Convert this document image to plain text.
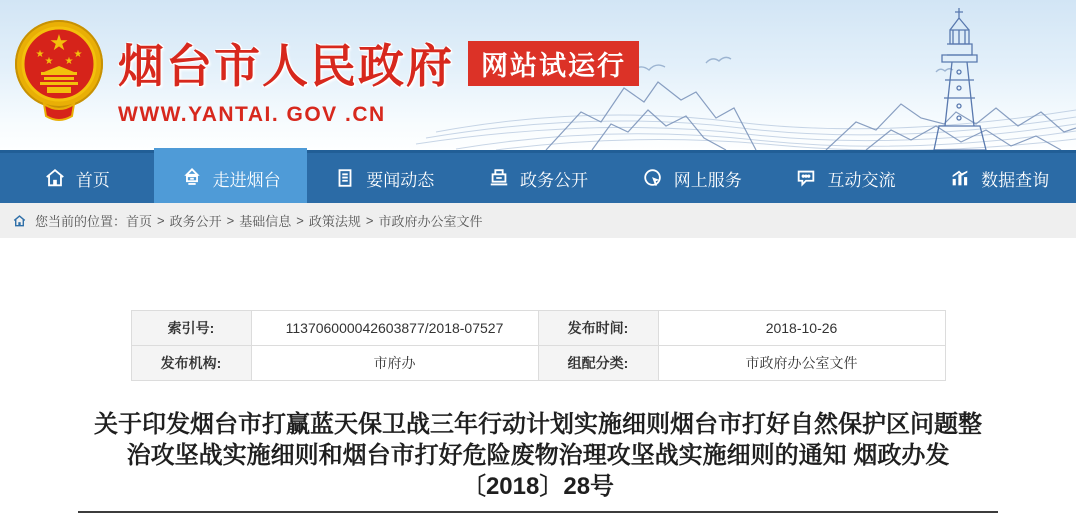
★
★
★ ★
★ 烟台市人民政府	网站试运行
WWW.YANTAI. GOV .CN
首页	走进烟台	要闻动态	政务公开	网上服务	互动交流	数据查询
您当前的位置： 首页 > 政务公开 > 基础信息 > 政策法规 > 市政府办公室文件
索引号:	113706000042603877/2018-07527	发布时间:	2018-10-26
发布机构:	市府办	组配分类:	市政府办公室文件
关于印发烟台市打赢蓝天保卫战三年行动计划实施细则烟台市打好自然保护区问题整治攻坚战实施细则和烟台市打好危险废物治理攻坚战实施细则的通知 烟政办发〔2018〕28号
